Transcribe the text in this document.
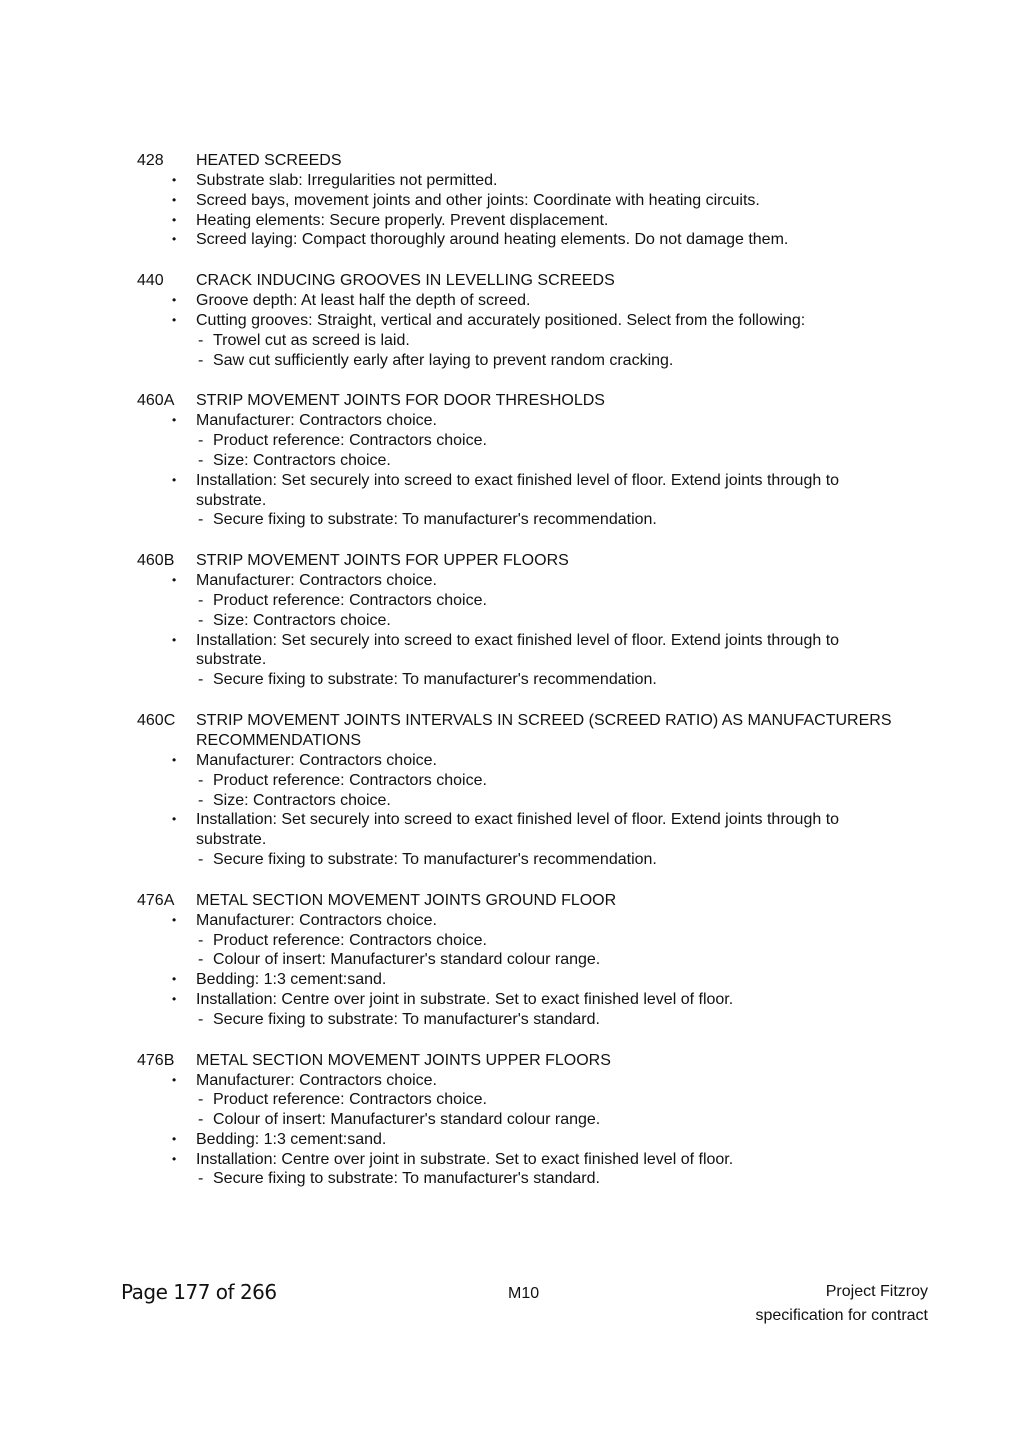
428	HEATED SCREEDS
• Substrate slab: Irregularities not permitted.
• Screed bays, movement joints and other joints: Coordinate with heating circuits.
• Heating elements: Secure properly. Prevent displacement.
• Screed laying: Compact thoroughly around heating elements. Do not damage them.
440	CRACK INDUCING GROOVES IN LEVELLING SCREEDS
• Groove depth: At least half the depth of screed.
• Cutting grooves: Straight, vertical and accurately positioned. Select from the following:
- Trowel cut as screed is laid.
- Saw cut sufficiently early after laying to prevent random cracking.
460A	STRIP MOVEMENT JOINTS FOR DOOR THRESHOLDS
• Manufacturer: Contractors choice.
- Product reference: Contractors choice.
- Size: Contractors choice.
• Installation: Set securely into screed to exact finished level of floor. Extend joints through to substrate.
- Secure fixing to substrate: To manufacturer's recommendation.
460B	STRIP MOVEMENT JOINTS FOR UPPER FLOORS
• Manufacturer: Contractors choice.
- Product reference: Contractors choice.
- Size: Contractors choice.
• Installation: Set securely into screed to exact finished level of floor. Extend joints through to substrate.
- Secure fixing to substrate: To manufacturer's recommendation.
460C	STRIP MOVEMENT JOINTS INTERVALS IN SCREED (SCREED RATIO) AS MANUFACTURERS RECOMMENDATIONS
• Manufacturer: Contractors choice.
- Product reference: Contractors choice.
- Size: Contractors choice.
• Installation: Set securely into screed to exact finished level of floor. Extend joints through to substrate.
- Secure fixing to substrate: To manufacturer's recommendation.
476A	METAL SECTION MOVEMENT JOINTS GROUND FLOOR
• Manufacturer: Contractors choice.
- Product reference: Contractors choice.
- Colour of insert: Manufacturer's standard colour range.
• Bedding: 1:3 cement:sand.
• Installation: Centre over joint in substrate. Set to exact finished level of floor.
- Secure fixing to substrate: To manufacturer's standard.
476B	METAL SECTION MOVEMENT JOINTS UPPER FLOORS
• Manufacturer: Contractors choice.
- Product reference: Contractors choice.
- Colour of insert: Manufacturer's standard colour range.
• Bedding: 1:3 cement:sand.
• Installation: Centre over joint in substrate. Set to exact finished level of floor.
- Secure fixing to substrate: To manufacturer's standard.
Page 177 of 266	M10	Project Fitzroy
specification for contract
